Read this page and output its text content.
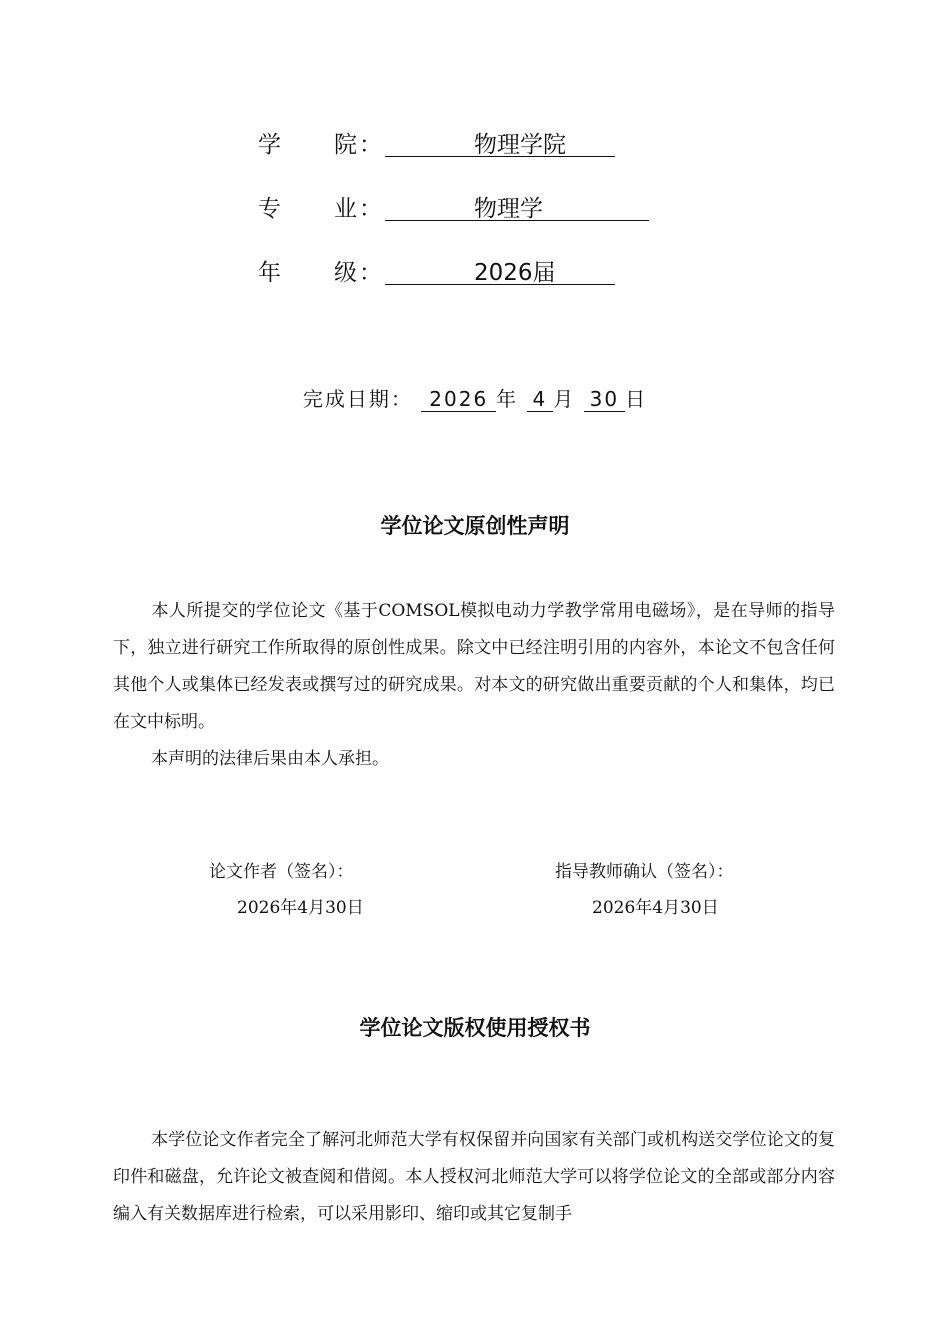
学 院 ：	物理学院
专 业 ：	物理学
年 级 ：	2026届
完成日期： 2026 年 4 月 30 日
学位论文原创性声明

本人所提交的学位论文《基于COMSOL模拟电动力学教学常用电磁场》，是在导师的指导下，独立进行研究工作所取得的原创性成果。除文中已经注明引用的内容外，本论文不包含任何其他个人或集体已经发表或撰写过的研究成果。对本文的研究做出重要贡献的个人和集体，均已在文中标明。

本声明的法律后果由本人承担。

论文作者（签名）：
2026年4月30日
指导教师确认（签名）：
2026年4月30日
学位论文版权使用授权书

本学位论文作者完全了解河北师范大学有权保留并向国家有关部门或机构送交学位论文的复印件和磁盘，允许论文被查阅和借阅。本人授权河北师范大学可以将学位论文的全部或部分内容编入有关数据库进行检索，可以采用影印、缩印或其它复制手
